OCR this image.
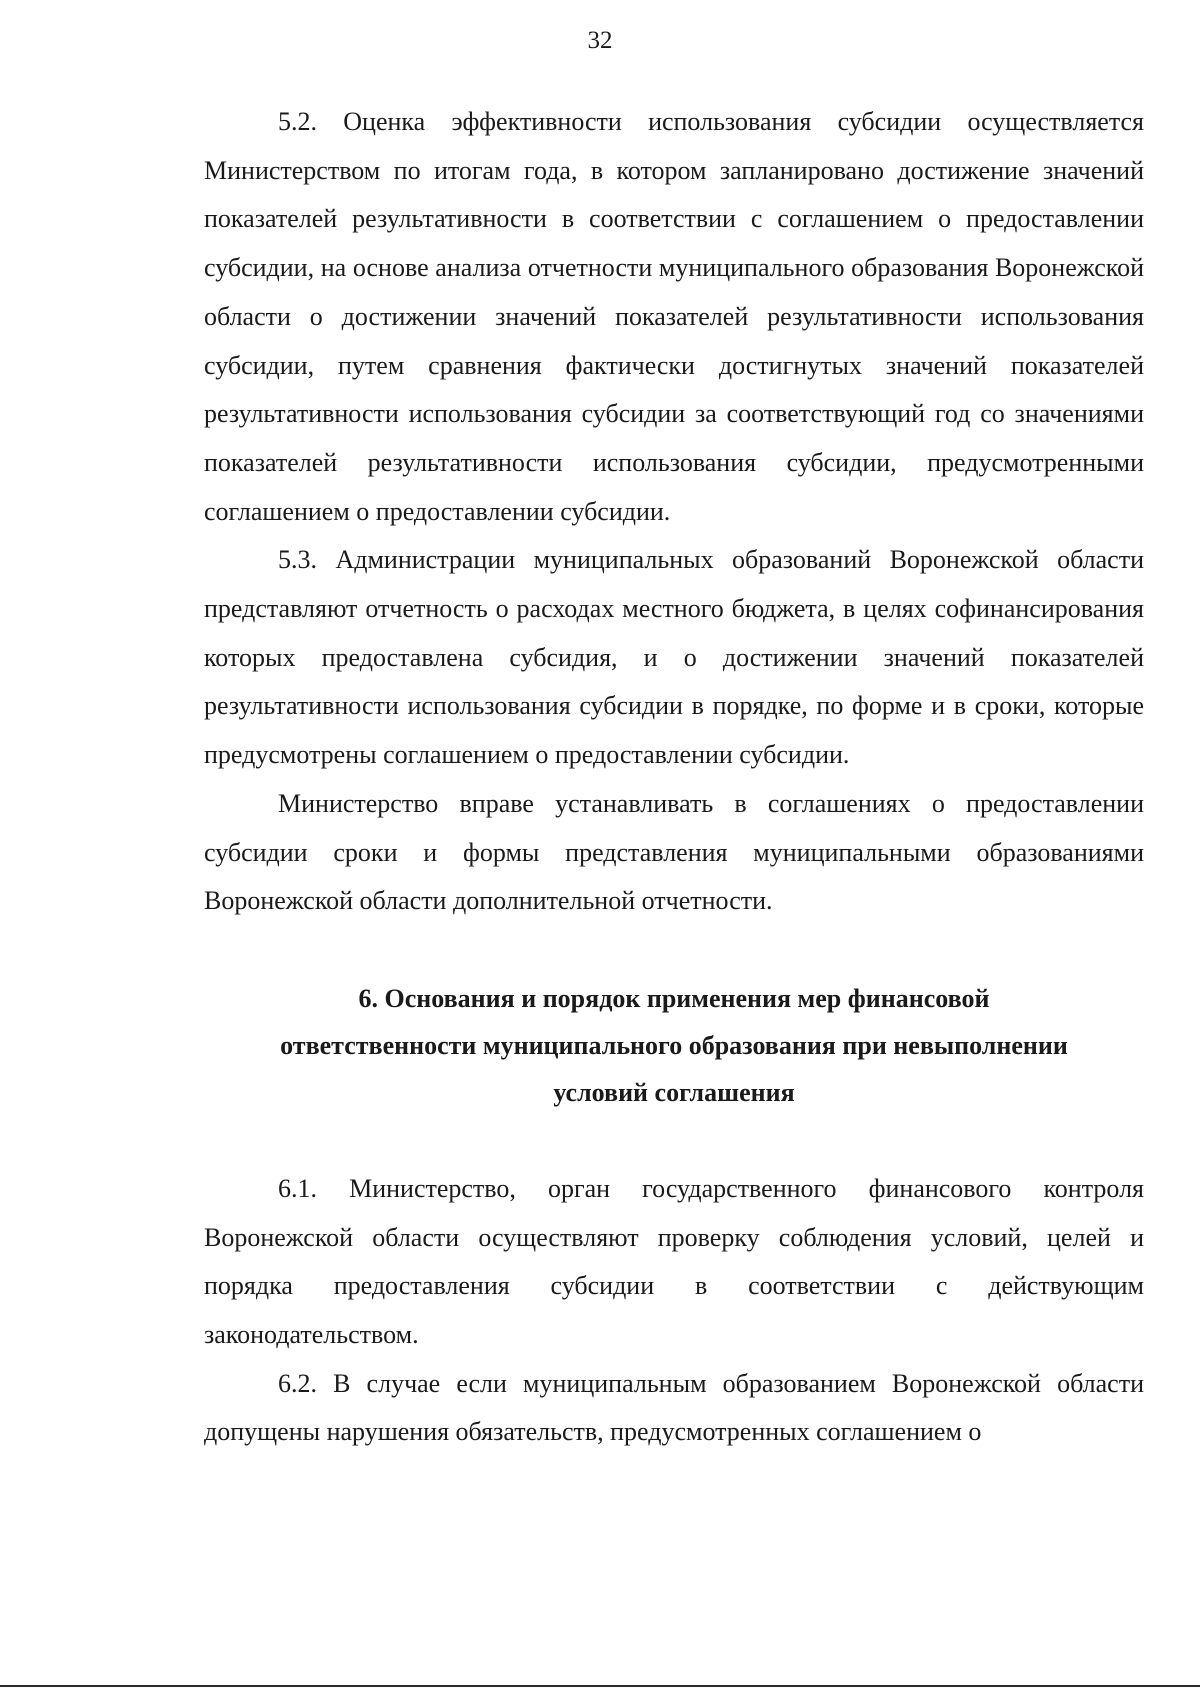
32

5.2. Оценка эффективности использования субсидии осуществляется Министерством по итогам года, в котором запланировано достижение значений показателей результативности в соответствии с соглашением о предоставлении субсидии, на основе анализа отчетности муниципального образования Воронежской области о достижении значений показателей результативности использования субсидии, путем сравнения фактически достигнутых значений показателей результативности использования субсидии за соответствующий год со значениями показателей результативности использования субсидии, предусмотренными соглашением о предоставлении субсидии.

5.3. Администрации муниципальных образований Воронежской области представляют отчетность о расходах местного бюджета, в целях софинансирования которых предоставлена субсидия, и о достижении значений показателей результативности использования субсидии в порядке, по форме и в сроки, которые предусмотрены соглашением о предоставлении субсидии.

Министерство вправе устанавливать в соглашениях о предоставлении субсидии сроки и формы представления муниципальными образованиями Воронежской области дополнительной отчетности.

6. Основания и порядок применения мер финансовой
ответственности муниципального образования при невыполнении
условий соглашения

6.1. Министерство, орган государственного финансового контроля Воронежской области осуществляют проверку соблюдения условий, целей и порядка предоставления субсидии в соответствии с действующим законодательством.

6.2. В случае если муниципальным образованием Воронежской области допущены нарушения обязательств, предусмотренных соглашением о
